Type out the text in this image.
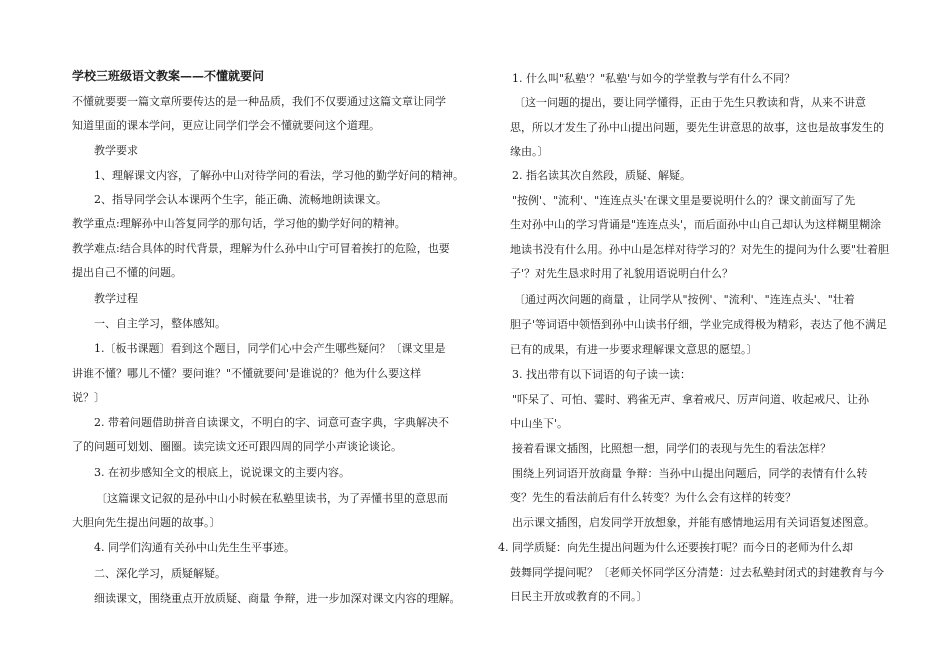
学校三班级语文教案——不懂就要问
不懂就要要一篇文章所要传达的是一种品质，我们不仅要通过这篇文章让同学
知道里面的课本学问，更应让同学们学会不懂就要问这个道理。
教学要求
1、理解课文内容，了解孙中山对待学问的看法，学习他的勤学好问的精神。
2、指导同学会认本课两个生字，能正确、流畅地朗读课文。
教学重点:理解孙中山答复同学的那句话，学习他的勤学好问的精神。
教学难点:结合具体的时代背景，理解为什么孙中山宁可冒着挨打的危险，也要
提出自己不懂的问题。
教学过程
一、自主学习，整体感知。
1.〔板书课题〕看到这个题目，同学们心中会产生哪些疑问？〔课文里是
讲谁不懂？哪儿不懂？要问谁？"不懂就要问'是谁说的？他为什么要这样
说？〕
2. 带着问题借助拼音自读课文，不明白的字、词意可查字典，字典解决不
了的问题可划划、圈圈。读完读文还可跟四周的同学小声谈论谈论。
3. 在初步感知全文的根底上，说说课文的主要内容。
〔这篇课文记叙的是孙中山小时候在私塾里读书，为了弄懂书里的意思而
大胆向先生提出问题的故事。〕
4. 同学们沟通有关孙中山先生生平事迹。
二、深化学习，质疑解疑。
细读课文，围绕重点开放质疑、商量 争辩，进一步加深对课文内容的理解。
1. 什么叫"私塾'？"私塾'与如今的学堂教与学有什么不同？
〔这一问题的提出，要让同学懂得，正由于先生只教读和背，从来不讲意
思，所以才发生了孙中山提出问题，要先生讲意思的故事，这也是故事发生的
缘由。〕
2. 指名读其次自然段，质疑、解疑。
"按例'、"流利'、"连连点头'在课文里是要说明什么的？课文前面写了先
生对孙中山的学习背诵是"连连点头'，而后面孙中山自己却认为这样糊里糊涂
地读书没有什么用。孙中山是怎样对待学习的？对先生的提问为什么要"壮着胆
子'？对先生恳求时用了礼貌用语说明白什么？
〔通过两次问题的商量 ，让同学从"按例'、"流利'、"连连点头'、"壮着
胆子'等词语中领悟到孙中山读书仔细，学业完成得极为精彩，表达了他不满足
已有的成果，有进一步要求理解课文意思的愿望。〕
3. 找出带有以下词语的句子读一读：
"吓呆了、可怕、霎时、鸦雀无声、拿着戒尺、厉声问道、收起戒尺、让孙
中山坐下'。
接着看课文插图，比照想一想，同学们的表现与先生的看法怎样？
围绕上列词语开放商量 争辩：当孙中山提出问题后，同学的表情有什么转
变？先生的看法前后有什么转变？为什么会有这样的转变？
出示课文插图，启发同学开放想象，并能有感情地运用有关词语复述图意。
4. 同学质疑：向先生提出问题为什么还要挨打呢？而今日的老师为什么却
鼓舞同学提问呢？〔老师关怀同学区分清楚：过去私塾封闭式的封建教育与今
日民主开放或教育的不同。〕
